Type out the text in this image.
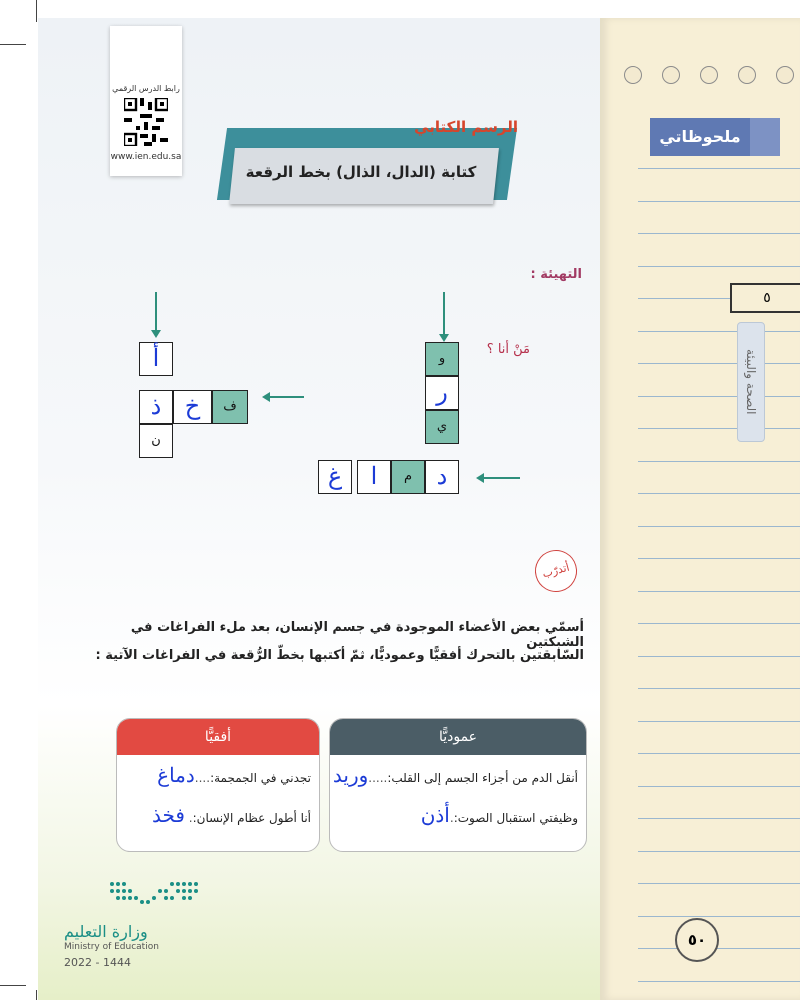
ملحوظاتي
٥
الصحة والبيئة
٥٠
رابط الدرس الرقمي
www.ien.edu.sa
الرسم الكتابي
كتابة (الدال، الذال) بخط الرقعة
التهيئة :
مَنْ أنا ؟
و
ر
ي
د
م
ا
غ
أ
ذ
ن
ف
خ
أتدرّب
أسمّي بعض الأعضاء الموجودة في جسم الإنسان، بعد ملء الفراغات في الشبكتين
السّابقتين بالتحرك أفقيًّا وعموديًّا، ثمّ أكتبها بخطّ الرُّقعة في الفراغات الآتية :
عموديًّا
أنقل الدم من أجزاء الجسم إلى القلب:.....وريد
وظيفتي استقبال الصوت:.أذن
أفقيًّا
تجدني في الجمجمة:....دماغ
أنا أطول عظام الإنسان:. فخذ
وزارة التعليم
Ministry of Education
2022 - 1444
